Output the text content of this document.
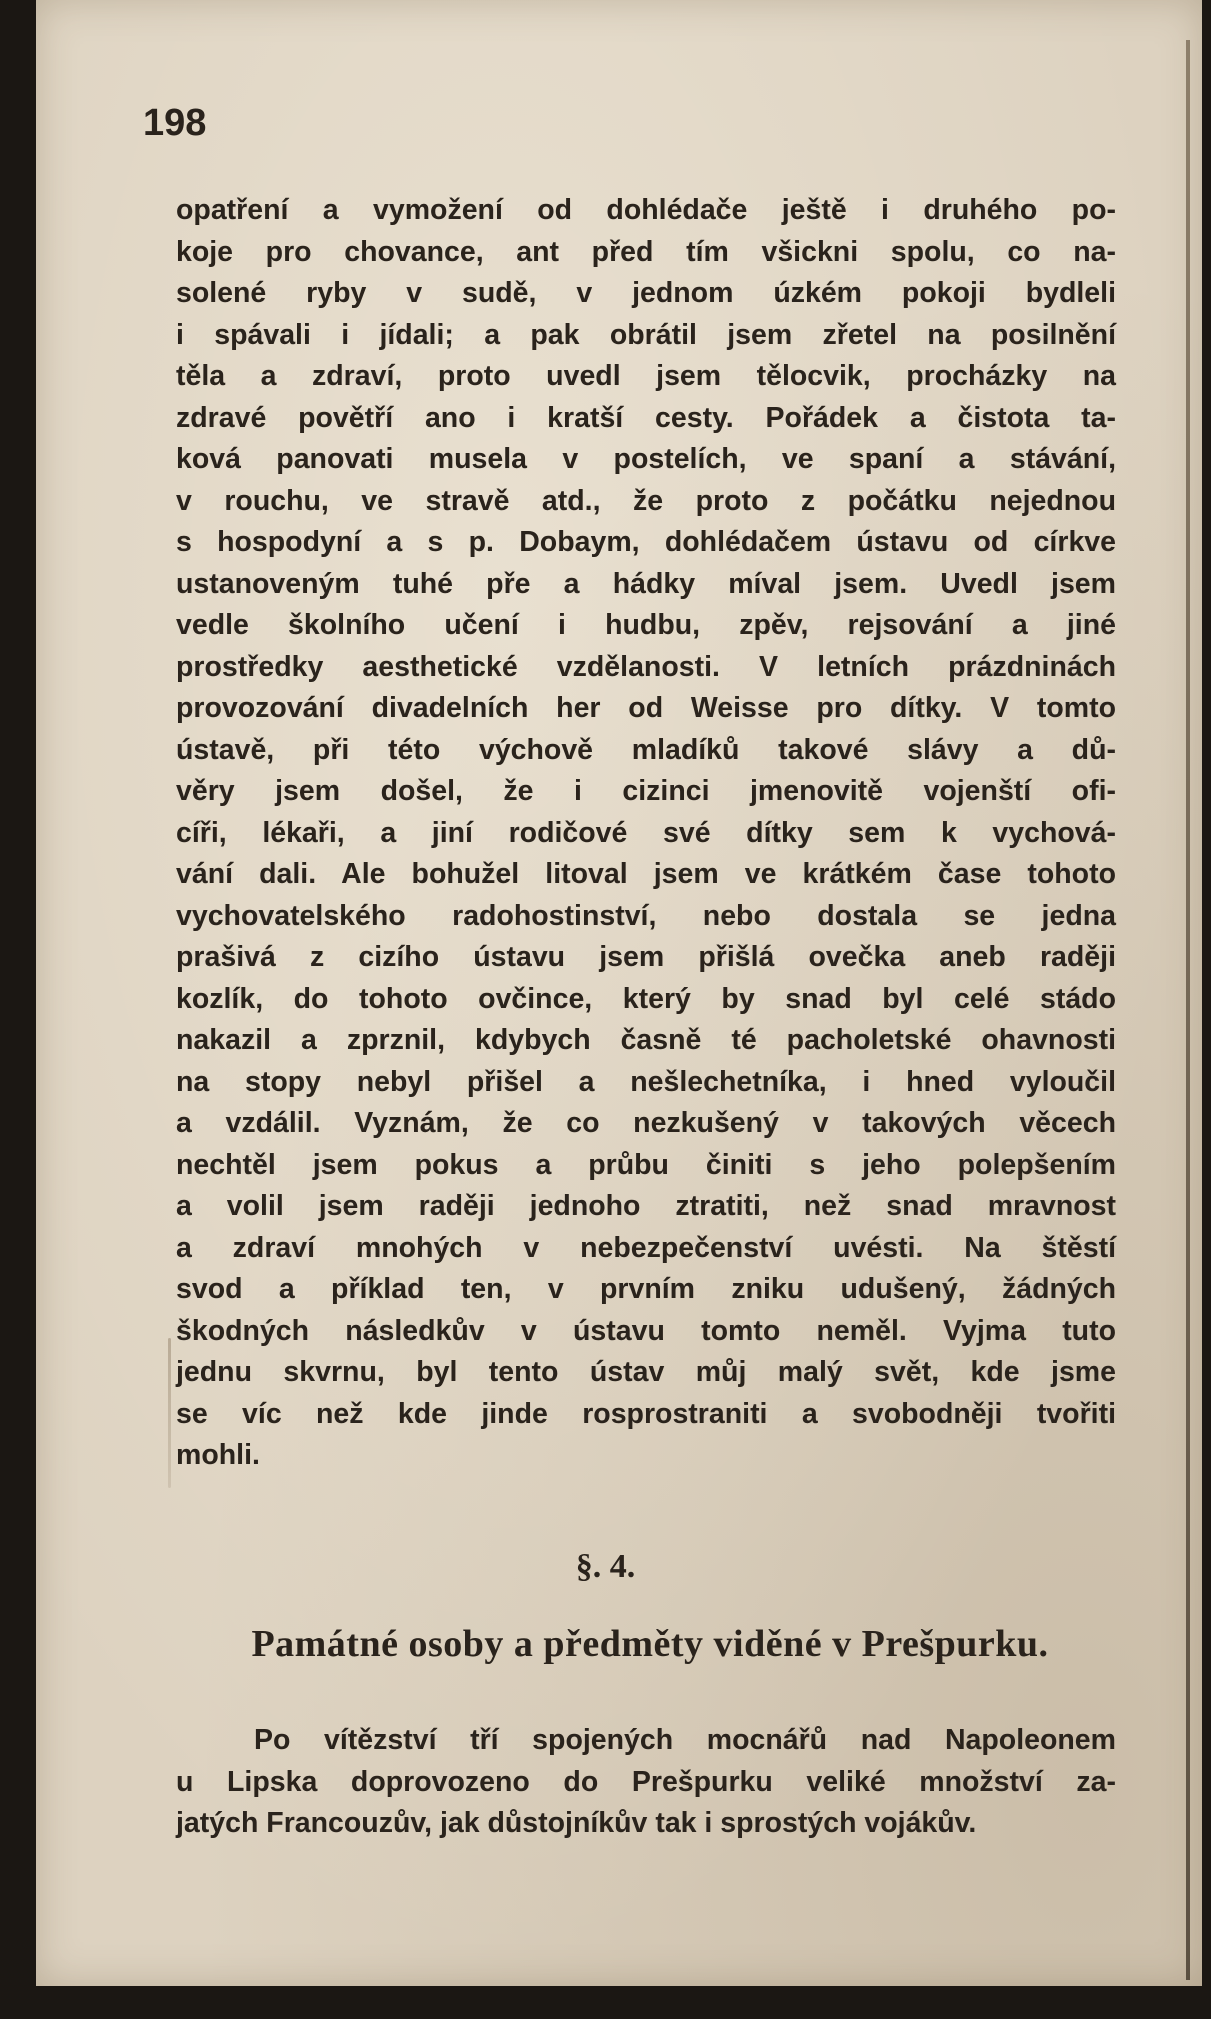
198
opatření a vymožení od dohlédače ještě i druhého po-
koje pro chovance, ant před tím všickni spolu, co na-
solené ryby v sudě, v jednom úzkém pokoji bydleli
i spávali i jídali; a pak obrátil jsem zřetel na posilnění
těla a zdraví, proto uvedl jsem tělocvik, procházky na
zdravé povětří ano i kratší cesty. Pořádek a čistota ta-
ková panovati musela v postelích, ve spaní a stávání,
v rouchu, ve stravě atd., že proto z počátku nejednou
s hospodyní a s p. Dobaym, dohlédačem ústavu od církve
ustanoveným tuhé pře a hádky míval jsem. Uvedl jsem
vedle školního učení i hudbu, zpěv, rejsování a jiné
prostředky aesthetické vzdělanosti. V letních prázdninách
provozování divadelních her od Weisse pro dítky. V tomto
ústavě, při této výchově mladíků takové slávy a dů-
věry jsem došel, že i cizinci jmenovitě vojenští ofi-
cíři, lékaři, a jiní rodičové své dítky sem k vychová-
vání dali. Ale bohužel litoval jsem ve krátkém čase tohoto
vychovatelského radohostinství, nebo dostala se jedna
prašivá z cizího ústavu jsem přišlá ovečka aneb raději
kozlík, do tohoto ovčince, který by snad byl celé stádo
nakazil a zprznil, kdybych časně té pacholetské ohavnosti
na stopy nebyl přišel a nešlechetníka, i hned vyloučil
a vzdálil. Vyznám, že co nezkušený v takových věcech
nechtěl jsem pokus a průbu činiti s jeho polepšením
a volil jsem raději jednoho ztratiti, než snad mravnost
a zdraví mnohých v nebezpečenství uvésti. Na štěstí
svod a příklad ten, v prvním zniku udušený, žádných
škodných následkův v ústavu tomto neměl. Vyjma tuto
jednu skvrnu, byl tento ústav můj malý svět, kde jsme
se víc než kde jinde rosprostraniti a svobodněji tvořiti
mohli.
§. 4.
Památné osoby a předměty viděné v Prešpurku.
Po vítězství tří spojených mocnářů nad Napoleonem
u Lipska doprovozeno do Prešpurku veliké množství za-
jatých Francouzův, jak důstojníkův tak i sprostých vojákův.
